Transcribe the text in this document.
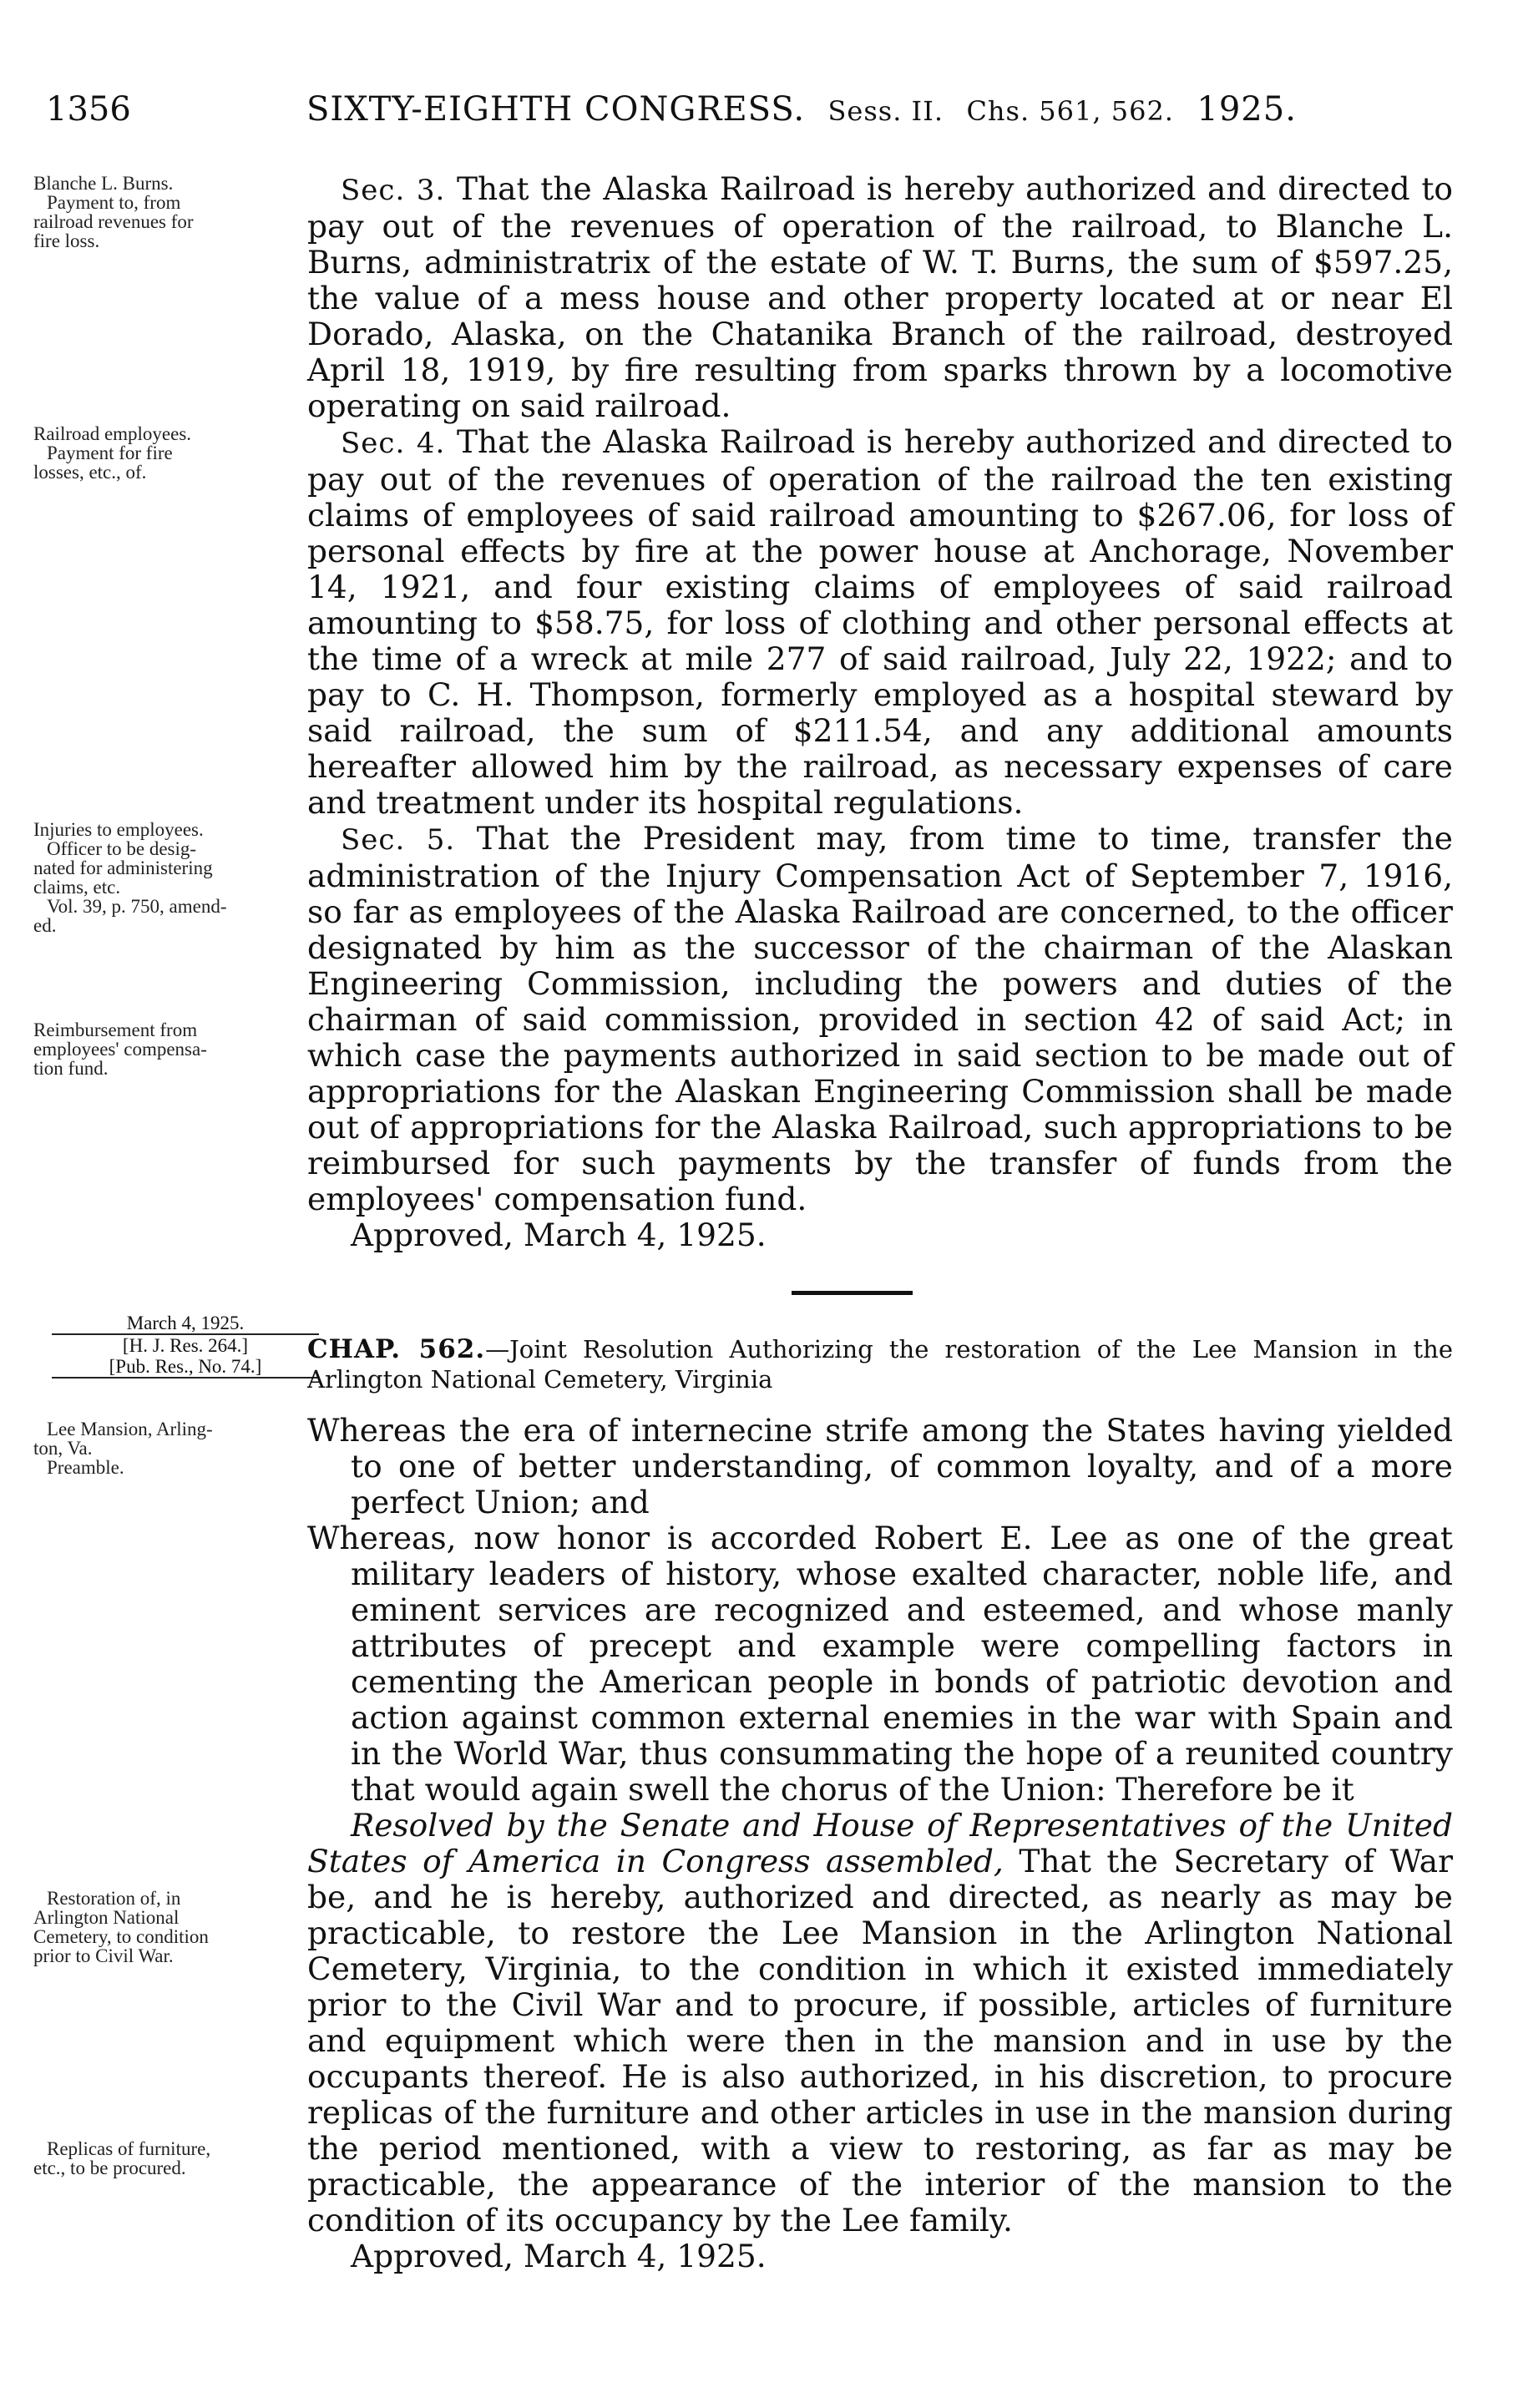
1356	SIXTY-EIGHTH CONGRESS. Sess. II. Chs. 561, 562. 1925.
Blanche L. Burns.
Payment to, from
railroad revenues for
fire loss.
Railroad employees.
Payment for fire
losses, etc., of.
Injuries to employees.
Officer to be desig-
nated for administering
claims, etc.
Vol. 39, p. 750, amend-
ed.
Reimbursement from
employees' compensa-
tion fund.
Lee Mansion, Arling-
ton, Va.
Preamble.
Restoration of, in
Arlington National
Cemetery, to condition
prior to Civil War.
Replicas of furniture,
etc., to be procured.

Sec. 3. That the Alaska Railroad is hereby authorized and directed to pay out of the revenues of operation of the railroad, to Blanche L. Burns, administratrix of the estate of W. T. Burns, the sum of $597.25, the value of a mess house and other property located at or near El Dorado, Alaska, on the Chatanika Branch of the railroad, destroyed April 18, 1919, by fire resulting from sparks thrown by a locomotive operating on said railroad.

Sec. 4. That the Alaska Railroad is hereby authorized and directed to pay out of the revenues of operation of the railroad the ten existing claims of employees of said railroad amounting to $267.06, for loss of personal effects by fire at the power house at Anchorage, November 14, 1921, and four existing claims of employees of said railroad amounting to $58.75, for loss of clothing and other personal effects at the time of a wreck at mile 277 of said railroad, July 22, 1922; and to pay to C. H. Thompson, formerly employed as a hospital steward by said railroad, the sum of $211.54, and any additional amounts hereafter allowed him by the railroad, as necessary expenses of care and treatment under its hospital regulations.

Sec. 5. That the President may, from time to time, transfer the administration of the Injury Compensation Act of September 7, 1916, so far as employees of the Alaska Railroad are concerned, to the officer designated by him as the successor of the chairman of the Alaskan Engineering Commission, including the powers and duties of the chairman of said commission, provided in section 42 of said Act; in which case the payments authorized in said section to be made out of appropriations for the Alaskan Engineering Commission shall be made out of appropriations for the Alaska Railroad, such appropriations to be reimbursed for such payments by the transfer of funds from the employees' compensation fund.

Approved, March 4, 1925.

March 4, 1925.
[H. J. Res. 264.]
[Pub. Res., No. 74.]
CHAP. 562.—Joint Resolution Authorizing the restoration of the Lee Mansion in the Arlington National Cemetery, Virginia

Whereas the era of internecine strife among the States having yielded to one of better understanding, of common loyalty, and of a more perfect Union; and

Whereas, now honor is accorded Robert E. Lee as one of the great military leaders of history, whose exalted character, noble life, and eminent services are recognized and esteemed, and whose manly attributes of precept and example were compelling factors in cementing the American people in bonds of patriotic devotion and action against common external enemies in the war with Spain and in the World War, thus consummating the hope of a reunited country that would again swell the chorus of the Union: Therefore be it

Resolved by the Senate and House of Representatives of the United States of America in Congress assembled, That the Secretary of War be, and he is hereby, authorized and directed, as nearly as may be practicable, to restore the Lee Mansion in the Arlington National Cemetery, Virginia, to the condition in which it existed immediately prior to the Civil War and to procure, if possible, articles of furniture and equipment which were then in the mansion and in use by the occupants thereof. He is also authorized, in his discretion, to procure replicas of the furniture and other articles in use in the mansion during the period mentioned, with a view to restoring, as far as may be practicable, the appearance of the interior of the mansion to the condition of its occupancy by the Lee family.

Approved, March 4, 1925.
